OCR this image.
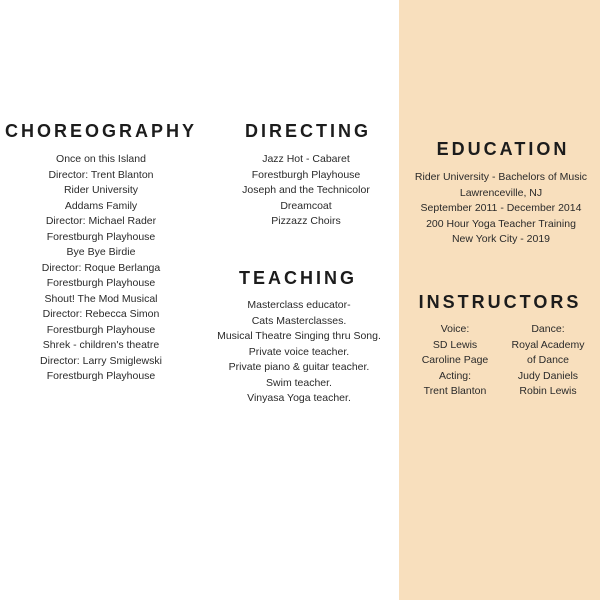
CHOREOGRAPHY
Once on this Island
Director: Trent Blanton
Rider University
Addams Family
Director: Michael Rader
Forestburgh Playhouse
Bye Bye Birdie
Director: Roque Berlanga
Forestburgh Playhouse
Shout! The Mod Musical
Director: Rebecca Simon
Forestburgh Playhouse
Shrek - children's theatre
Director: Larry Smiglewski
Forestburgh Playhouse
DIRECTING
Jazz Hot - Cabaret
Forestburgh Playhouse
Joseph and the Technicolor
Dreamcoat
Pizzazz Choirs
TEACHING
Masterclass educator-
Cats Masterclasses.
Musical Theatre Singing thru Song.
Private voice teacher.
Private piano & guitar teacher.
Swim teacher.
Vinyasa Yoga teacher.
EDUCATION
Rider University - Bachelors of Music
Lawrenceville, NJ
September 2011 - December 2014
200 Hour Yoga Teacher Training
New York City - 2019
INSTRUCTORS
Voice:
SD Lewis
Caroline Page
Acting:
Trent Blanton
Dance:
Royal Academy
of Dance
Judy Daniels
Robin Lewis
